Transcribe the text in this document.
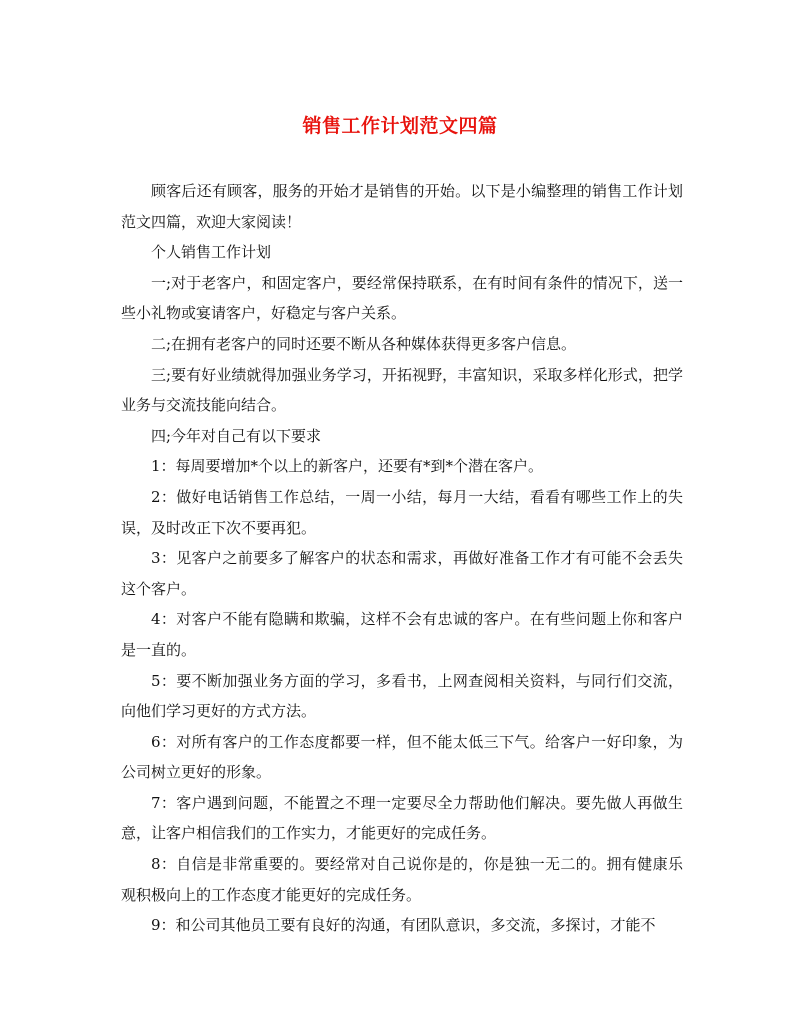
销售工作计划范文四篇

顾客后还有顾客，服务的开始才是销售的开始。以下是小编整理的销售工作计划范文四篇，欢迎大家阅读！

个人销售工作计划

一;对于老客户，和固定客户，要经常保持联系，在有时间有条件的情况下，送一些小礼物或宴请客户，好稳定与客户关系。

二;在拥有老客户的同时还要不断从各种媒体获得更多客户信息。

三;要有好业绩就得加强业务学习，开拓视野，丰富知识，采取多样化形式，把学业务与交流技能向结合。

四;今年对自己有以下要求

1：每周要增加*个以上的新客户，还要有*到*个潜在客户。

2：做好电话销售工作总结，一周一小结，每月一大结，看看有哪些工作上的失误，及时改正下次不要再犯。

3：见客户之前要多了解客户的状态和需求，再做好准备工作才有可能不会丢失这个客户。

4：对客户不能有隐瞒和欺骗，这样不会有忠诚的客户。在有些问题上你和客户是一直的。

5：要不断加强业务方面的学习，多看书，上网查阅相关资料，与同行们交流，向他们学习更好的方式方法。

6：对所有客户的工作态度都要一样，但不能太低三下气。给客户一好印象，为公司树立更好的形象。

7：客户遇到问题，不能置之不理一定要尽全力帮助他们解决。要先做人再做生意，让客户相信我们的工作实力，才能更好的完成任务。

8：自信是非常重要的。要经常对自己说你是的，你是独一无二的。拥有健康乐观积极向上的工作态度才能更好的完成任务。

9：和公司其他员工要有良好的沟通，有团队意识，多交流，多探讨，才能不
